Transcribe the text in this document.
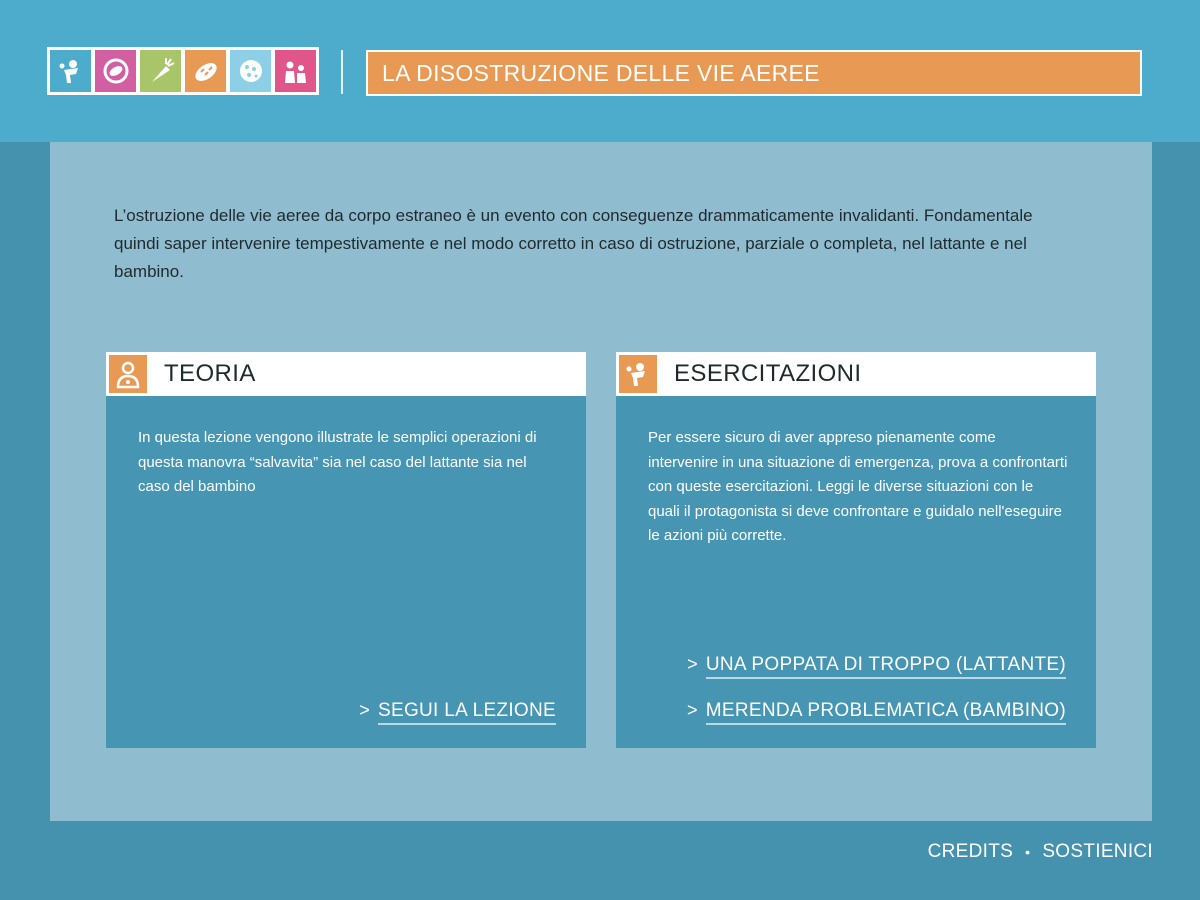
LA DISOSTRUZIONE DELLE VIE AEREE

L’ostruzione delle vie aeree da corpo estraneo è un evento con conseguenze drammaticamente invalidanti. Fondamentale quindi saper intervenire tempestivamente e nel modo corretto in caso di ostruzione, parziale o completa, nel lattante e nel bambino.

TEORIA

In questa lezione vengono illustrate le semplici operazioni di questa manovra “salvavita” sia nel caso del lattante sia nel caso del bambino

> SEGUI LA LEZIONE
ESERCITAZIONI

Per essere sicuro di aver appreso pienamente come intervenire in una situazione di emergenza, prova a confrontarti con queste esercitazioni. Leggi le diverse situazioni con le quali il protagonista si deve confrontare e guidalo nell'eseguire le azioni più corrette.

> UNA POPPATA DI TROPPO (LATTANTE)
> MERENDA PROBLEMATICA (BAMBINO)
CREDITS • SOSTIENICI
